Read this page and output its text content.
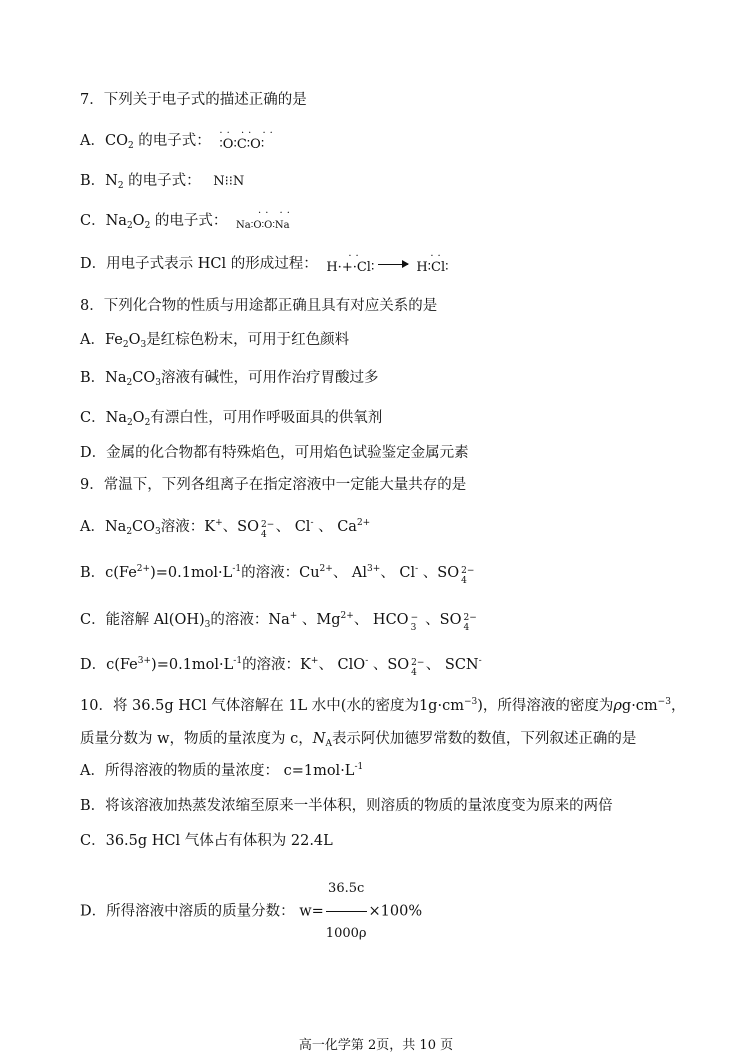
7．下列关于电子式的描述正确的是
A．$CO_2$ 的电子式： ·· ·· ··
∶O∶C∶O∶
B．$N_2$ 的电子式： N⁝⁝N
C．$Na_2O_2$ 的电子式：	·· ··
Na∶O∶O∶Na
D．用电子式表示 HCl 的形成过程：	··
H·+·Cl∶ →
··
H∶Cl∶
8．下列化合物的性质与用途都正确且具有对应关系的是
A．$Fe_2O_3$是红棕色粉末，可用于红色颜料
B．$Na_2CO_3$溶液有碱性，可用作治疗胃酸过多
C．$Na_2O_2$有漂白性，可用作呼吸面具的供氧剂
D．金属的化合物都有特殊焰色，可用焰色试验鉴定金属元素
9．常温下，下列各组离子在指定溶液中一定能大量共存的是
A．$Na_2CO_3$溶液：K+、SO 2−
4 、 Cl- 、 $Ca^{2+}$
B．$c(Fe^{2+})=0.1mol\cdot L^{-1}$的溶液：$Cu^{2+}$、 $Al^{3+}$、 Cl- 、SO 2−
4
C．能溶解 $Al(OH)_3$的溶液：Na+ 、$Mg^{2+}$、 HCO −
3 、SO 2−
4
D．$c(Fe^{3+})=0.1mol\cdot L^{-1}$的溶液：K+、 ClO- 、SO 2−
4 、 SCN-
10．将 36.5g HCl 气体溶解在 1L 水中(水的密度为$1g\cdot cm^{-3}$)，所得溶液的密度为$\rho g\cdot cm^{-3}$，
质量分数为 w，物质的量浓度为 c，$N_A$表示阿伏加德罗常数的数值，下列叙述正确的是
A．所得溶液的物质的量浓度： $c=1mol\cdot L^{-1}$
B．将该溶液加热蒸发浓缩至原来一半体积，则溶质的物质的量浓度变为原来的两倍
C．36.5g HCl 气体占有体积为 22.4L
D．所得溶液中溶质的质量分数： $w= \frac{36.5c}{1000\rho} \times 100\%$
高一化学第 2页，共 10 页
